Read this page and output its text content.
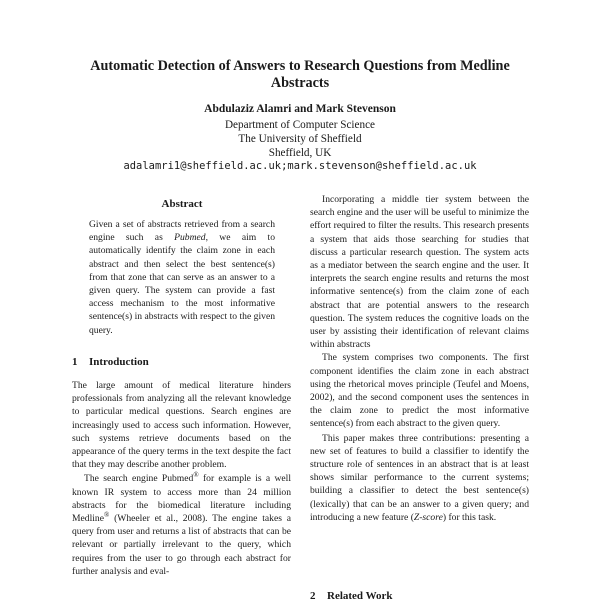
Automatic Detection of Answers to Research Questions from Medline Abstracts
Abdulaziz Alamri and Mark Stevenson
Department of Computer Science
The University of Sheffield
Sheffield, UK
adalamri1@sheffield.ac.uk;mark.stevenson@sheffield.ac.uk
Abstract
Given a set of abstracts retrieved from a search engine such as Pubmed, we aim to automatically identify the claim zone in each abstract and then select the best sentence(s) from that zone that can serve as an answer to a given query. The system can provide a fast access mechanism to the most informative sentence(s) in abstracts with respect to the given query.
1 Introduction

The large amount of medical literature hinders professionals from analyzing all the relevant knowledge to particular medical questions. Search engines are increasingly used to access such information. However, such systems retrieve documents based on the appearance of the query terms in the text despite the fact that they may describe another problem.

The search engine Pubmed® for example is a well known IR system to access more than 24 million abstracts for the biomedical literature including Medline® (Wheeler et al., 2008). The engine takes a query from user and returns a list of abstracts that can be relevant or partially irrelevant to the query, which requires from the user to go through each abstract for further analysis and eval-

Incorporating a middle tier system between the search engine and the user will be useful to minimize the effort required to filter the results. This research presents a system that aids those searching for studies that discuss a particular research question. The system acts as a mediator between the search engine and the user. It interprets the search engine results and returns the most informative sentence(s) from the claim zone of each abstract that are potential answers to the research question. The system reduces the cognitive loads on the user by assisting their identification of relevant claims within abstracts

The system comprises two components. The first component identifies the claim zone in each abstract using the rhetorical moves principle (Teufel and Moens, 2002), and the second component uses the sentences in the claim zone to predict the most informative sentence(s) from each abstract to the given query.

This paper makes three contributions: presenting a new set of features to build a classifier to identify the structure role of sentences in an abstract that is at least shows similar performance to the current systems; building a classifier to detect the best sentence(s) (lexically) that can be an answer to a given query; and introducing a new feature (Z-score) for this task.

2 Related Work
